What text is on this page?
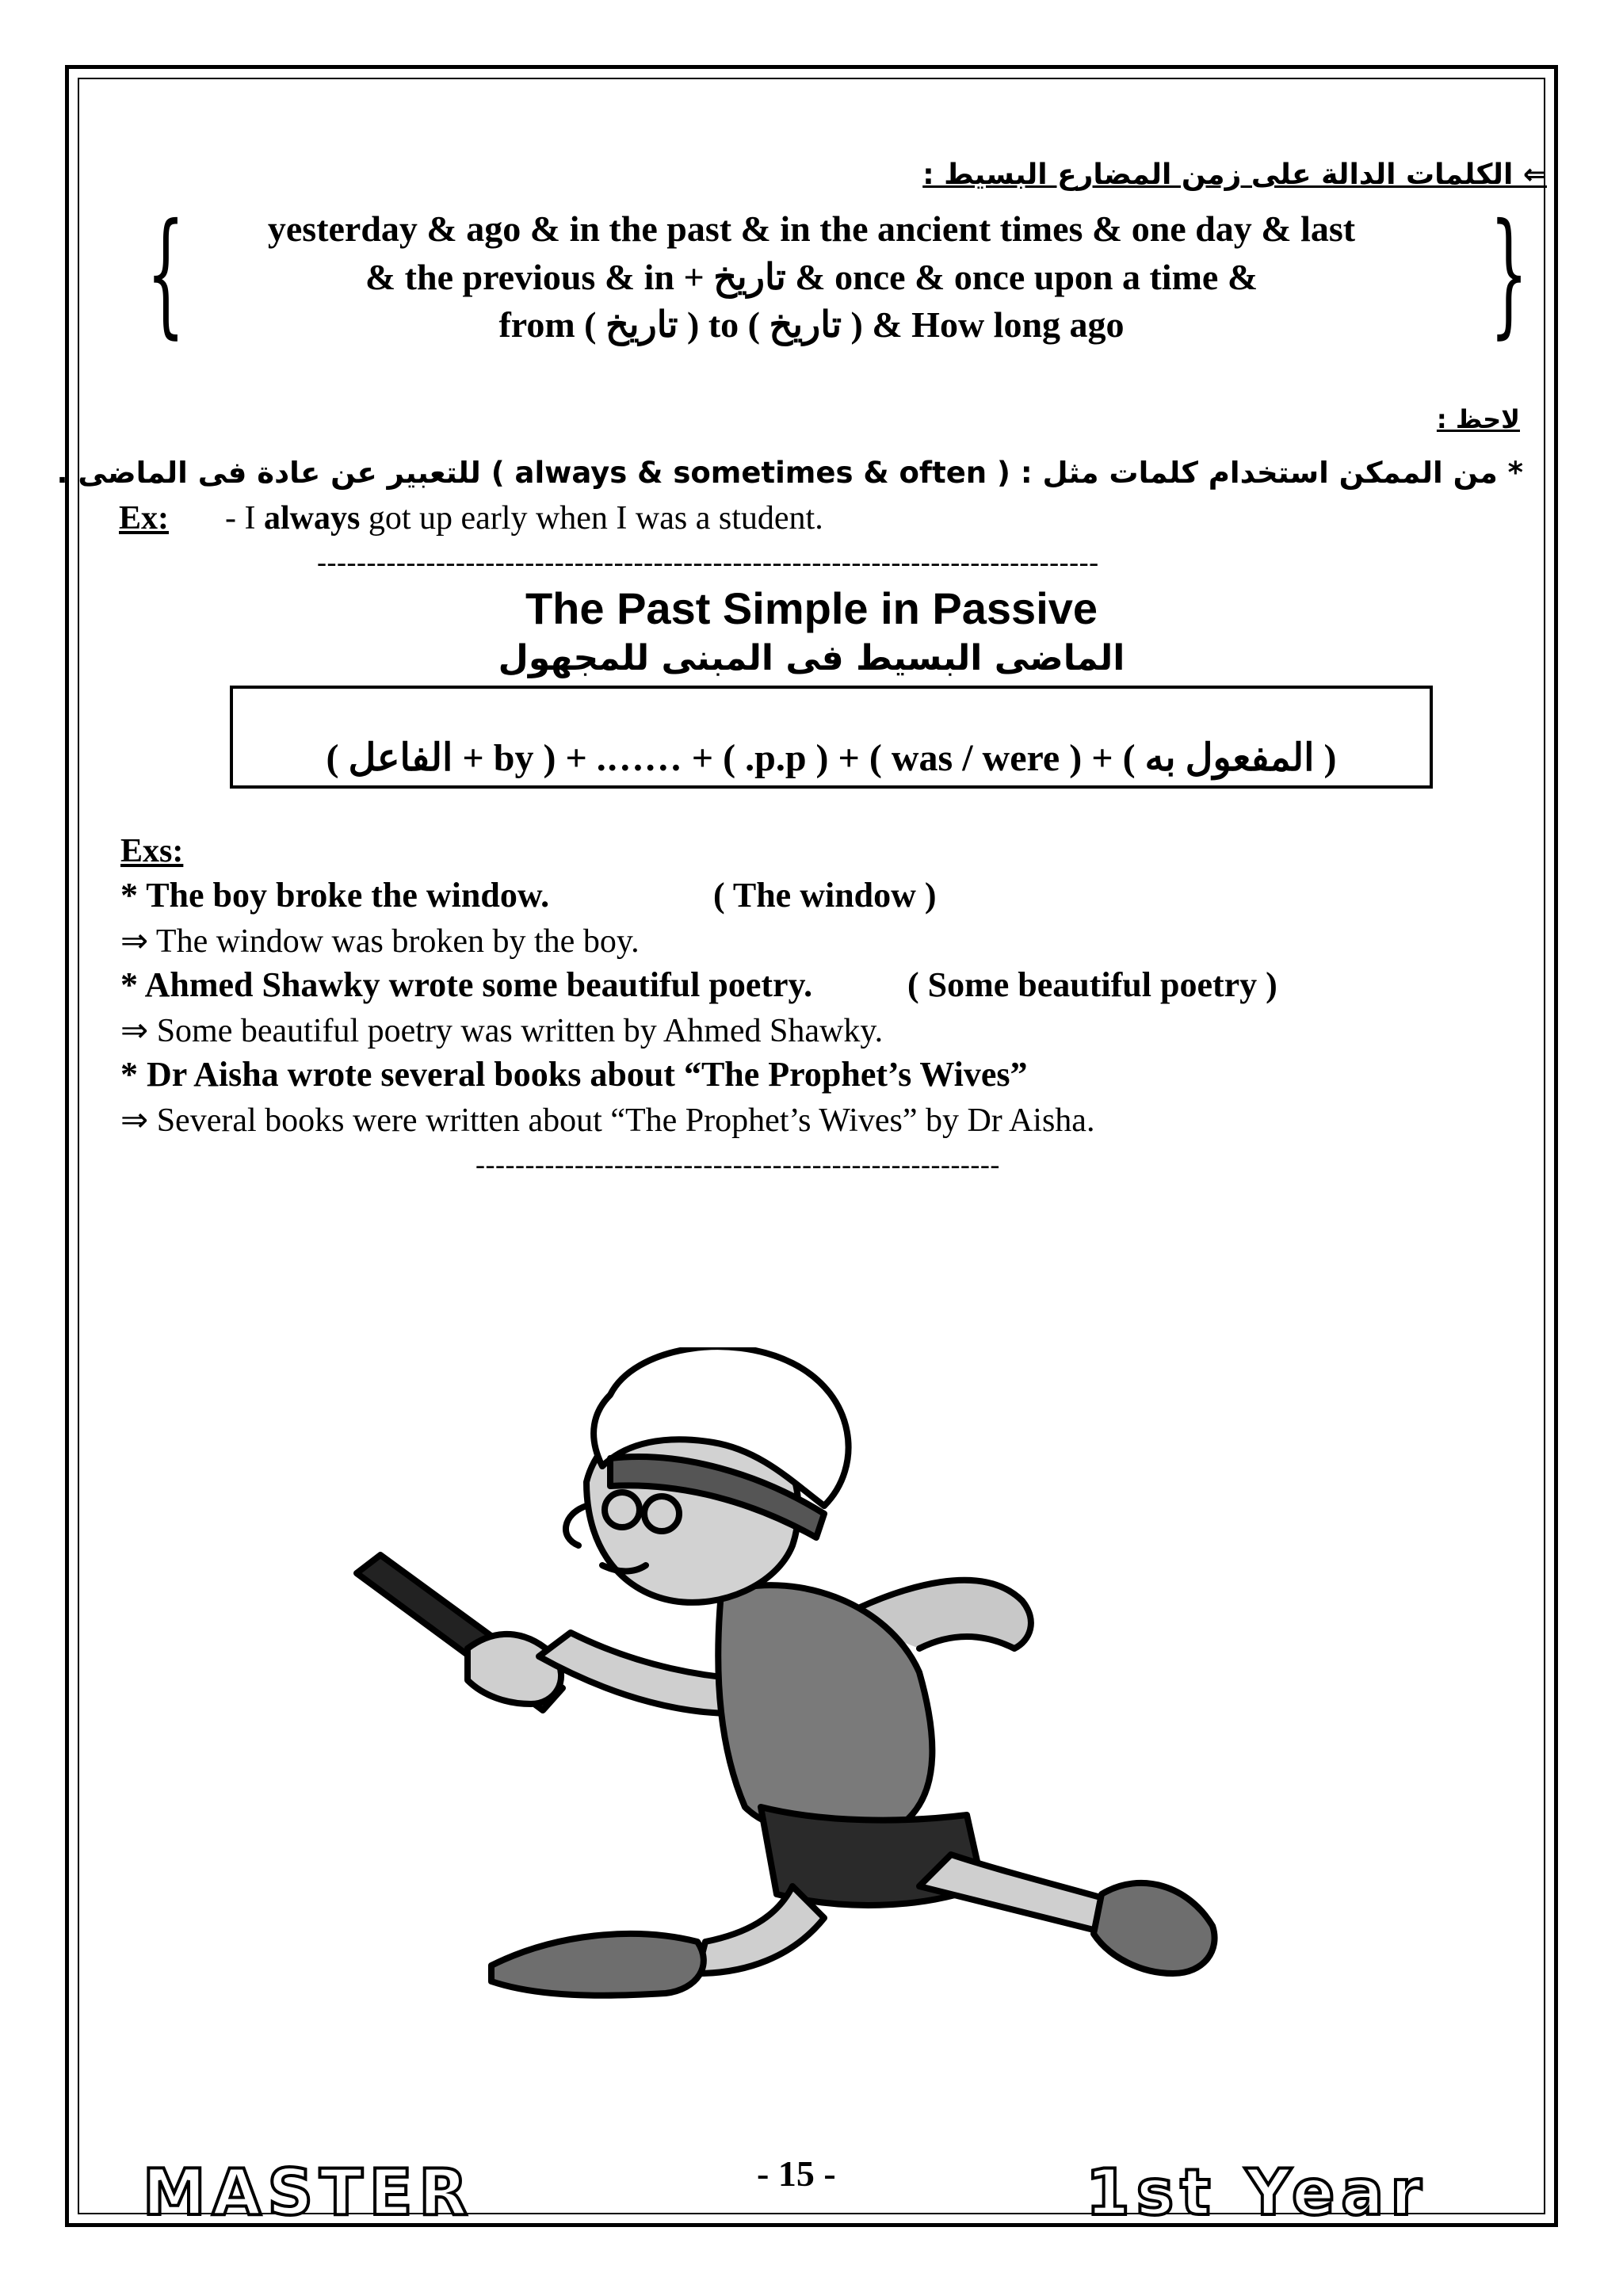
⇐ الكلمات الدالة على زمن المضارع البسيط :
{	}
yesterday & ago & in the past & in the ancient times & one day & last
& the previous & in + تاريخ & once & once upon a time &
from ( تاريخ ) to ( تاريخ ) & How long ago
لاحظ :
* من الممكن استخدام كلمات مثل : ( always & sometimes & often ) للتعبير عن عادة فى الماضى .
Ex: - I always got up early when I was a student.
-------------------------------------------------------------------------------
The Past Simple in Passive
الماضى البسيط فى المبنى للمجهول
( المفعول به ) + ( was / were ) + ( p.p. ) + ……. + ( by + الفاعل )
Exs:
* The boy broke the window.	( The window )
⇒ The window was broken by the boy.
* Ahmed Shawky wrote some beautiful poetry.	( Some beautiful poetry )
⇒ Some beautiful poetry was written by Ahmed Shawky.
* Dr Aisha wrote several books about “The Prophet’s Wives”
⇒ Several books were written about “The Prophet’s Wives” by Dr Aisha.
-----------------------------------------------------
MASTER	- 15 -	1st Year
